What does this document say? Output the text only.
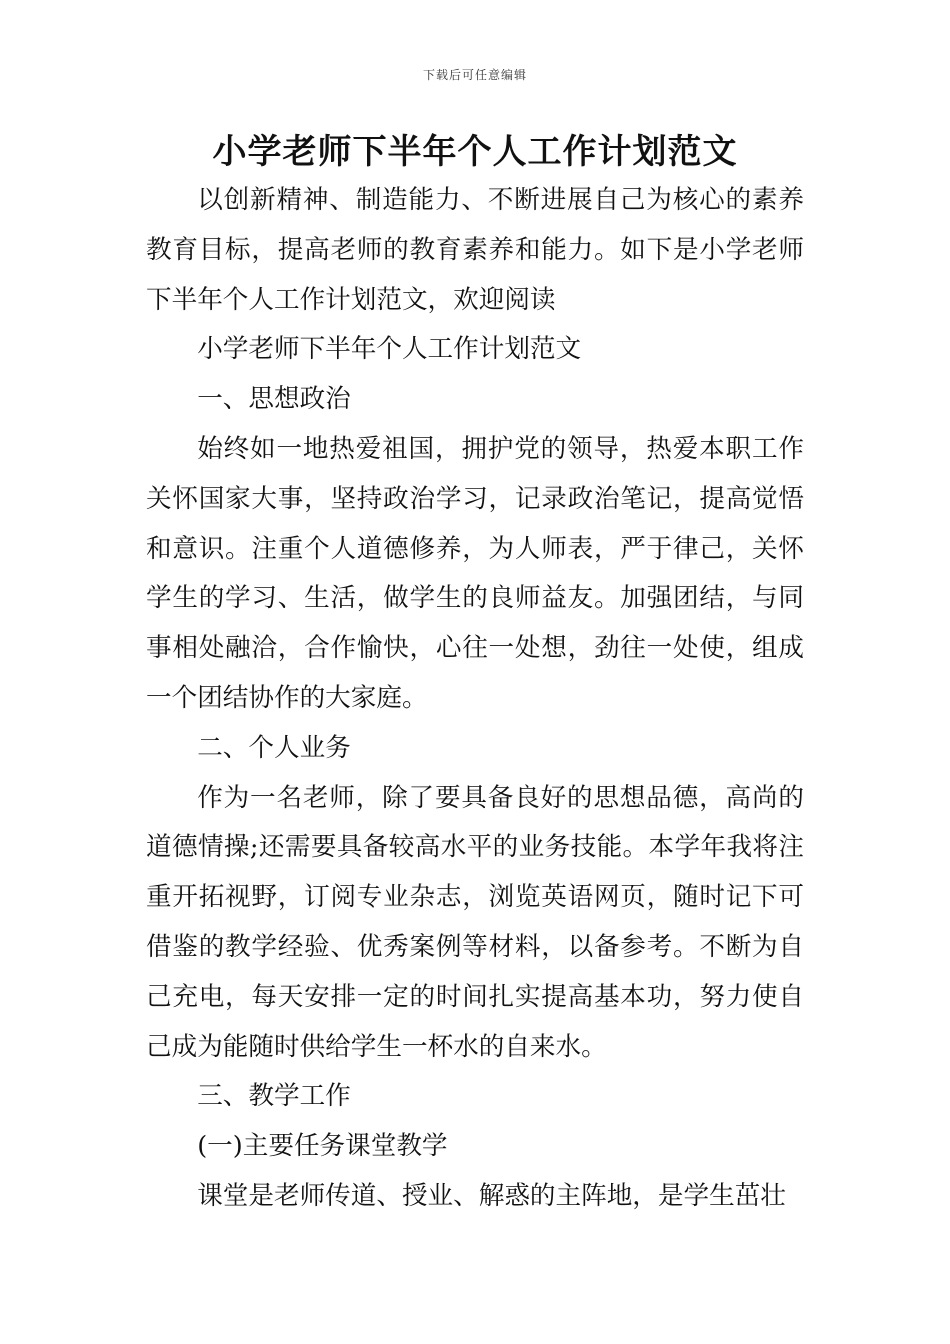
下载后可任意编辑
小学老师下半年个人工作计划范文

以创新精神、制造能力、不断进展自己为核心的素养教育目标，提高老师的教育素养和能力。如下是小学老师下半年个人工作计划范文，欢迎阅读

小学老师下半年个人工作计划范文

一、思想政治

始终如一地热爱祖国，拥护党的领导，热爱本职工作关怀国家大事，坚持政治学习，记录政治笔记，提高觉悟和意识。注重个人道德修养，为人师表，严于律己，关怀学生的学习、生活，做学生的良师益友。加强团结，与同事相处融洽，合作愉快，心往一处想，劲往一处使，组成一个团结协作的大家庭。

二、个人业务

作为一名老师，除了要具备良好的思想品德，高尚的道德情操;还需要具备较高水平的业务技能。本学年我将注重开拓视野，订阅专业杂志，浏览英语网页，随时记下可借鉴的教学经验、优秀案例等材料，以备参考。不断为自己充电，每天安排一定的时间扎实提高基本功，努力使自己成为能随时供给学生一杯水的自来水。

三、教学工作

(一)主要任务课堂教学

课堂是老师传道、授业、解惑的主阵地，是学生茁壮
